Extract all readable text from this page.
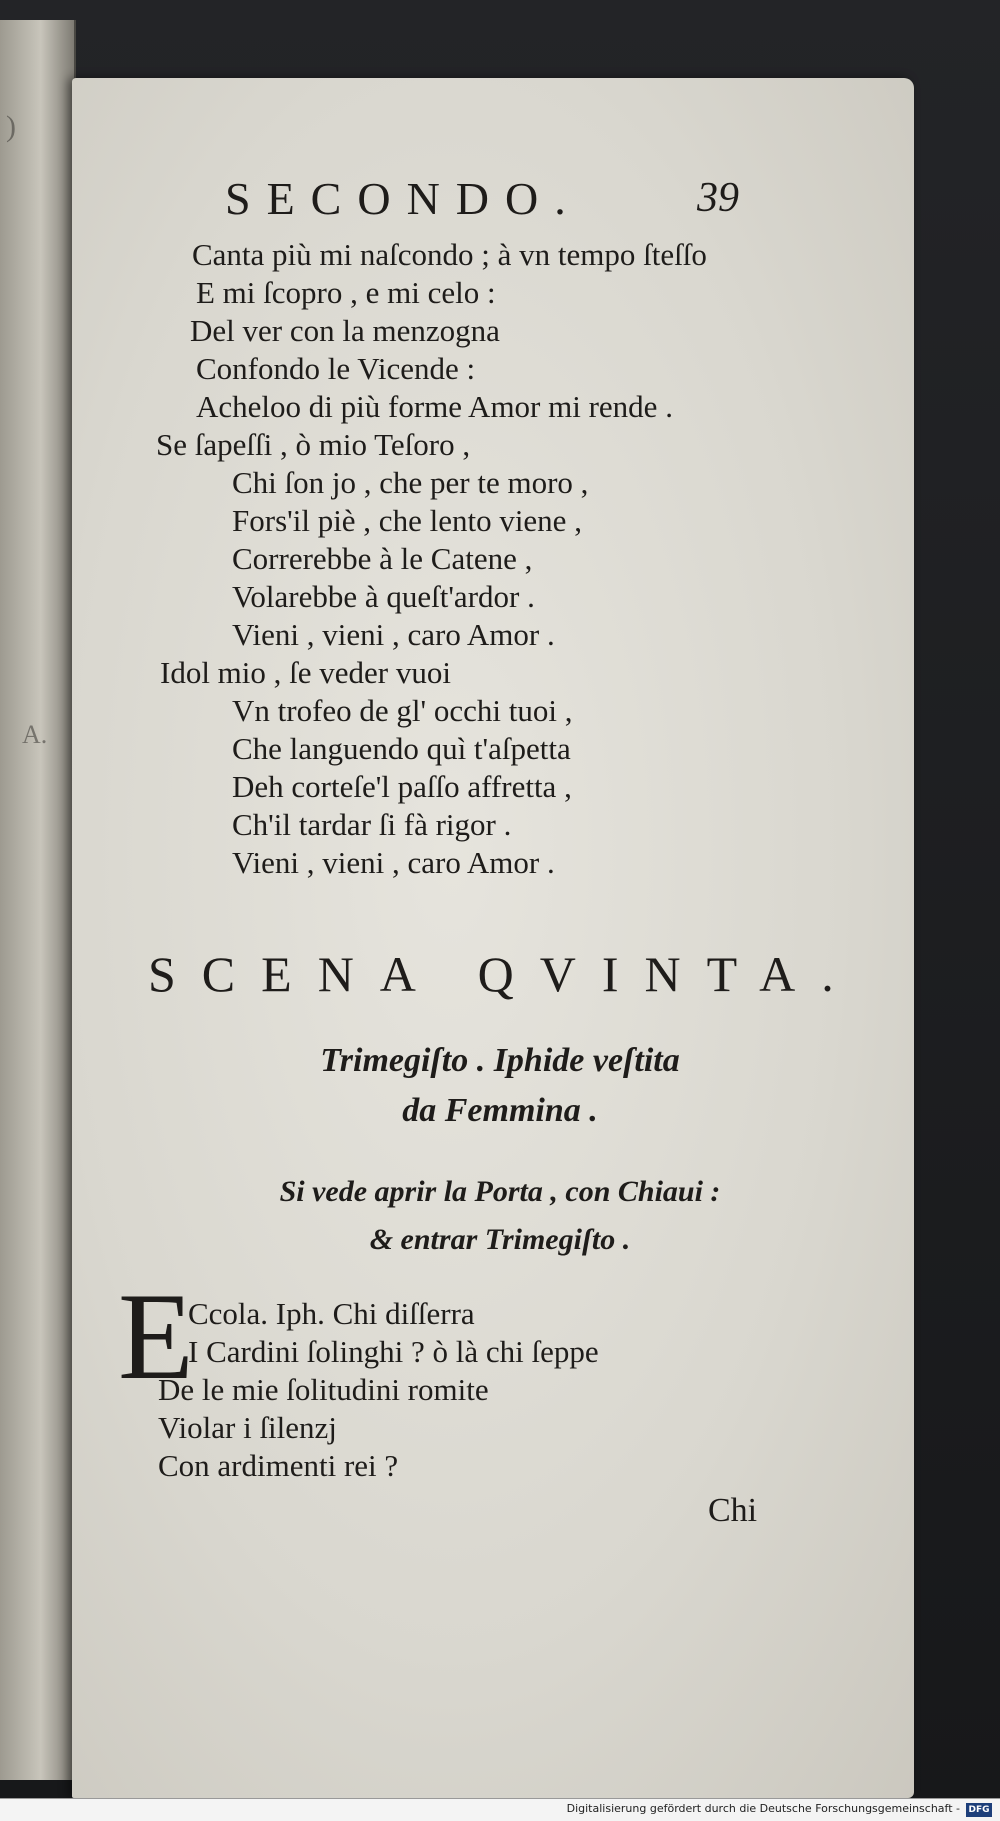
)
A.
SECONDO.	39
Canta più mi naſcondo ; à vn tempo ſteſſo
E mi ſcopro , e mi celo :
Del ver con la menzogna
Confondo le Vicende :
Acheloo di più forme Amor mi rende .
Se ſapeſſi , ò mio Teſoro ,
Chi ſon jo , che per te moro ,
Fors'il piè , che lento viene ,
Correrebbe à le Catene ,
Volarebbe à queſt'ardor .
Vieni , vieni , caro Amor .
Idol mio , ſe veder vuoi
Vn trofeo de gl' occhi tuoi ,
Che languendo quì t'aſpetta
Deh corteſe'l paſſo affretta ,
Ch'il tardar ſi fà rigor .
Vieni , vieni , caro Amor .
SCENA QVINTA.
Trimegiſto . Iphide veſtita
da Femmina .
Si vede aprir la Porta , con Chiaui :
& entrar Trimegiſto .
E
Ccola. Iph. Chi diſſerra
I Cardini ſolinghi ? ò là chi ſeppe
De le mie ſolitudini romite
Violar i ſilenzj
Con ardimenti rei ?
Chi
Digitalisierung gefördert durch die Deutsche Forschungsgemeinschaft - DFG
